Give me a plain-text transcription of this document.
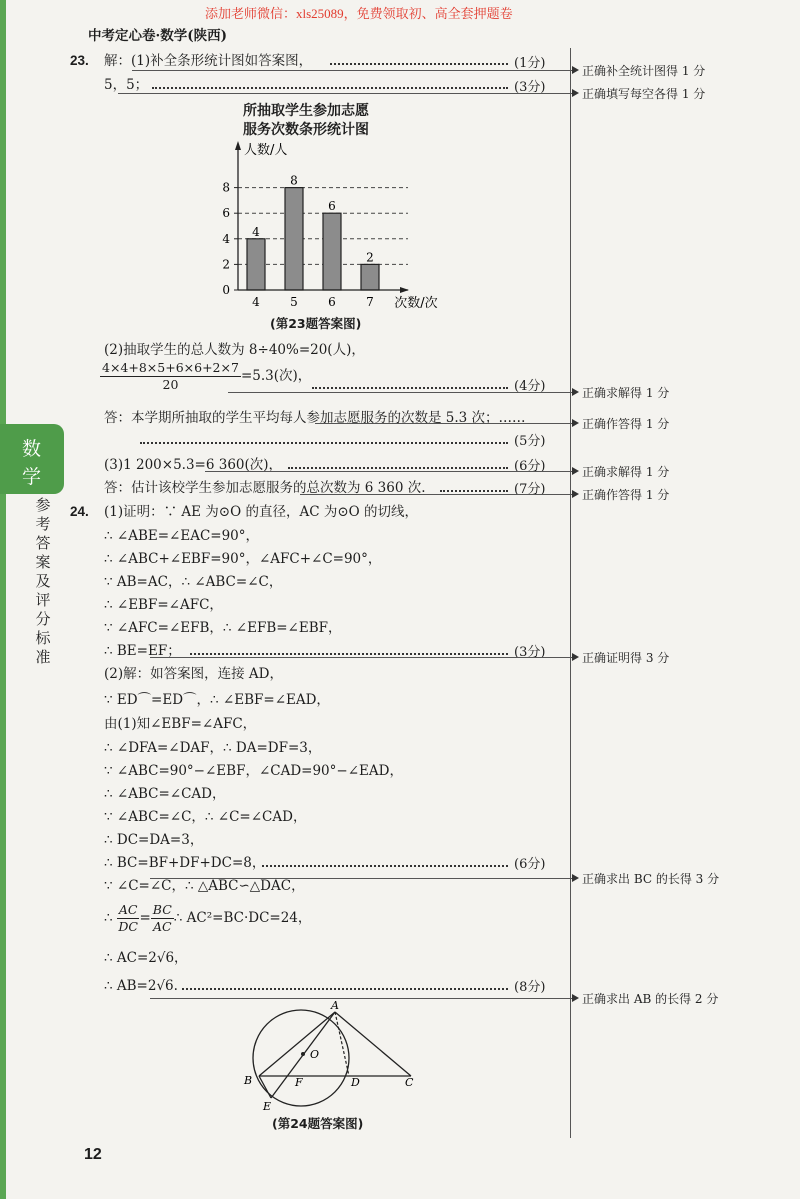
添加老师微信：xls25089，免费领取初、高全套押题卷
中考定心卷·数学(陕西)
数
学
参
考
答
案
及
评
分
标
准
23. 解：(1)补全条形统计图如答案图，	(1分)
5，5；	(3分)
所抽取学生参加志愿
服务次数条形统计图
0
2
4
6
8
4
4
8
5
6
6
2
7
人数/人
次数/次
(第23题答案图)
(2)抽取学生的总人数为 8÷40%=20(人)，
$\frac{4\times 4+8\times 5+6\times 6+2\times 7}{20} =5.3$(次)，
(4分)
答：本学期所抽取的学生平均每人参加志愿服务的次数是 5.3 次；……
(5分)
(3)1 200×5.3=6 360(次)，	(6分)
答：估计该校学生参加志愿服务的总次数为 6 360 次.	(7分)
24. (1)证明：∵ AE 为⊙O 的直径，AC 为⊙O 的切线，
∴ ∠ABE=∠EAC=90°，
∴ ∠ABC+∠EBF=90°，∠AFC+∠C=90°，
∵ AB=AC，∴ ∠ABC=∠C，
∴ ∠EBF=∠AFC，
∵ ∠AFC=∠EFB，∴ ∠EFB=∠EBF，
∴ BE=EF；	(3分)
(2)解：如答案图，连接 AD，
∵ ED⌒=ED⌒，∴ ∠EBF=∠EAD，
由(1)知∠EBF=∠AFC，
∴ ∠DFA=∠DAF，∴ DA=DF=3，
∵ ∠ABC=90°−∠EBF，∠CAD=90°−∠EAD，
∴ ∠ABC=∠CAD，
∵ ∠ABC=∠C，∴ ∠C=∠CAD，
∴ DC=DA=3，
∴ BC=BF+DF+DC=8，	(6分)
∵ ∠C=∠C，∴ △ABC∽△DAC，
∴ $\frac{AC}{DC} = \frac{BC}{AC}$ ∴ AC²=BC·DC=24，
∴ AC=2√6，
∴ AB=2√6.	(8分)
A
O
B	F	D	C
E
(第24题答案图)
12
正确补全统计图得 1 分
正确填写每空各得 1 分
正确求解得 1 分
正确作答得 1 分
正确求解得 1 分
正确作答得 1 分
正确证明得 3 分
正确求出 BC 的长得 3 分
正确求出 AB 的长得 2 分
